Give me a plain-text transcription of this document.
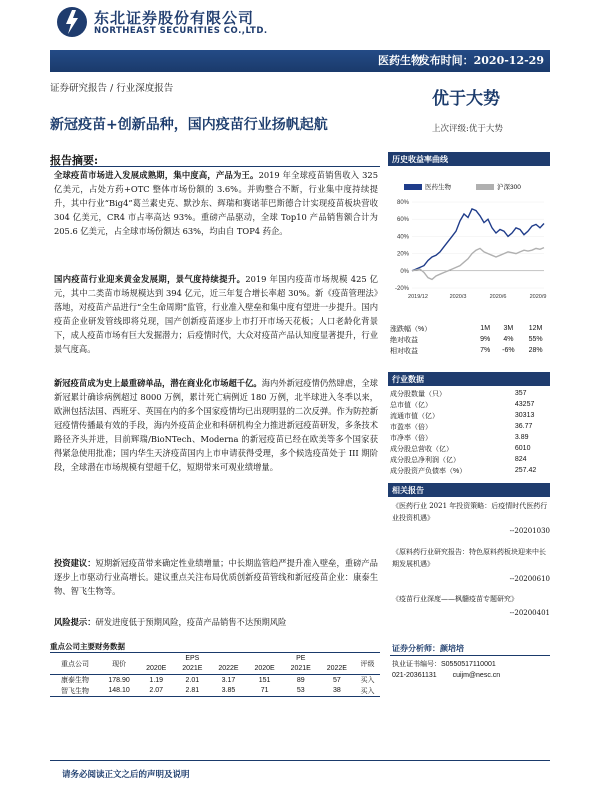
东北证券股份有限公司
NORTHEAST SECURITIES CO.,LTD.
医药生物
发布时间：2020-12-29
证券研究报告 / 行业深度报告
优于大势
新冠疫苗+创新品种，国内疫苗行业扬帆起航	上次评级:优于大势
报告摘要:
全球疫苗市场进入发展成熟期，集中度高，产品为王。2019 年全球疫苗销售收入 325 亿美元，占处方药+OTC 整体市场份额的 3.6%。并购整合不断，行业集中度持续提升，其中行业“Big4”葛兰素史克、默沙东、辉瑞和赛诺菲巴斯德合计实现疫苗板块营收 304 亿美元，CR4 市占率高达 93%。重磅产品驱动，全球 Top10 产品销售额合计为 205.6 亿美元，占全球市场份额达 63%，均由自 TOP4 药企。
国内疫苗行业迎来黄金发展期，景气度持续提升。2019 年国内疫苗市场规模 425 亿元，其中二类苗市场规模达到 394 亿元，近三年复合增长率超 30%。新《疫苗管理法》落地，对疫苗产品进行“全生命周期”监管，行业准入壁垒和集中度有望进一步提升。国内疫苗企业研发管线即将兑现，国产创新疫苗逐步上市打开市场天花板；人口老龄化背景下，成人疫苗市场有巨大发掘潜力；后疫情时代，大众对疫苗产品认知度显著提升，行业景气度高。
新冠疫苗成为史上最重磅单品，潜在商业化市场超千亿。海内外新冠疫情仍然肆虐，全球新冠累计确诊病例超过 8000 万例，累计死亡病例近 180 万例，北半球进入冬季以来，欧洲包括法国、西班牙、英国在内的多个国家疫情均已出现明显的二次反弹。作为防控新冠疫情传播最有效的手段，海内外疫苗企业和科研机构全力推进新冠疫苗研发，多条技术路径齐头并进，目前辉瑞/BioNTech、Moderna 的新冠疫苗已经在欧美等多个国家获得紧急使用批准；国内华生天济疫苗国内上市申请获得受理，多个候选疫苗处于 III 期阶段，全球潜在市场规模有望超千亿，短期带来可观业绩增量。
投资建议：短期新冠疫苗带来确定性业绩增量；中长期监管趋严提升准入壁垒，重磅产品逐步上市驱动行业高增长。建议重点关注布局优质创新疫苗管线和新冠疫苗企业：康泰生物、智飞生物等。
风险提示：研发进度低于预期风险，疫苗产品销售不达预期风险
重点公司主要财务数据
重点公司	现价	EPS			PE			评级
		2020E	2021E	2022E	2020E	2021E	2022E	
康泰生物	178.90	1.19	2.01	3.17	151	89	57	买入
智飞生物	148.10	2.07	2.81	3.85	71	53	38	买入
历史收益率曲线
医药生物	沪深300
80%
60%
40%
20%
0%
-20%
2019/12	2020/3	2020/6	2020/9
涨跌幅（%）	1M	3M	12M
绝对收益	9%	4%	55%
相对收益	7%	-6%	28%
行业数据
成分股数量（只）	357
总市值（亿）	43257
流通市值（亿）	30313
市盈率（倍）	36.77
市净率（倍）	3.89
成分股总营收（亿）	6010
成分股总净利润（亿）	824
成分股资产负债率（%）	257.42
相关报告
《医药行业 2021 年投资策略：后疫情时代医药行业投资机遇》
--20201030
《原料药行业研究报告：特色原料药板块迎来中长期发展机遇》
--20200610
《疫苗行业深度——枫髓疫苗专题研究》
--20200401
证券分析师：颜培培
执业证书编号：S0550517110001
021-20361131 cuijm@nesc.cn
请务必阅读正文之后的声明及说明
